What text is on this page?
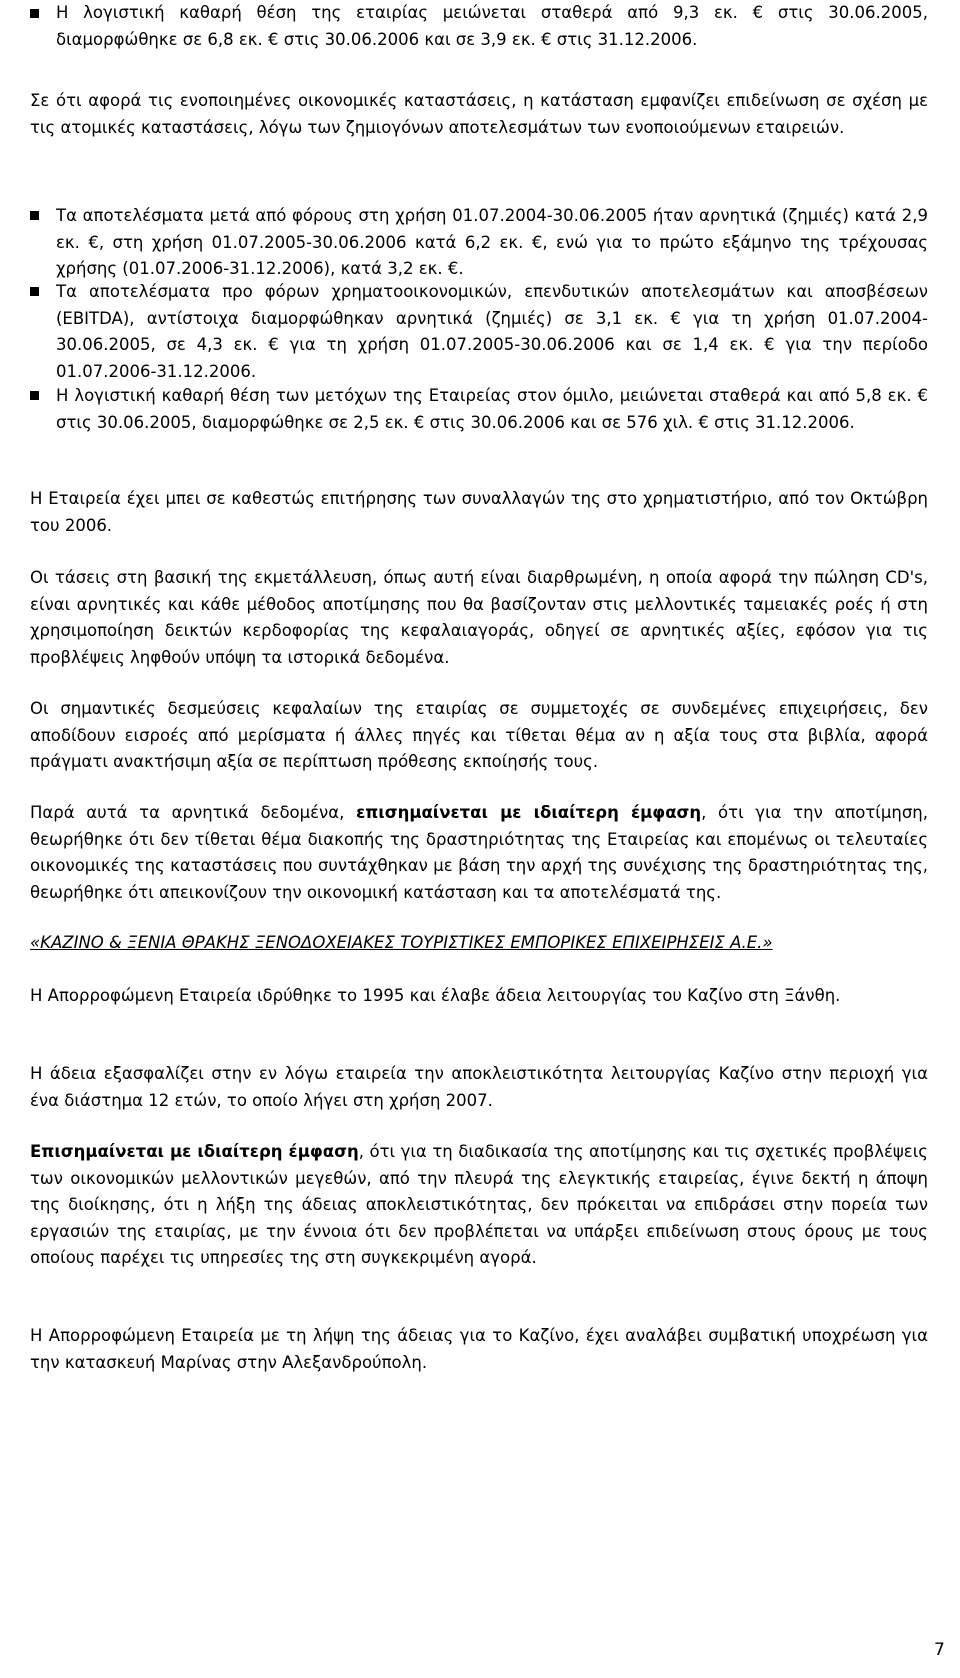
Η λογιστική καθαρή θέση της εταιρίας μειώνεται σταθερά από 9,3 εκ. € στις 30.06.2005, διαμορφώθηκε σε 6,8 εκ. € στις 30.06.2006 και σε 3,9 εκ. € στις 31.12.2006.

Σε ότι αφορά τις ενοποιημένες οικονομικές καταστάσεις, η κατάσταση εμφανίζει επιδείνωση σε σχέση με τις ατομικές καταστάσεις, λόγω των ζημιογόνων αποτελεσμάτων των ενοποιούμενων εταιρειών.

Τα αποτελέσματα μετά από φόρους στη χρήση 01.07.2004-30.06.2005 ήταν αρνητικά (ζημιές) κατά 2,9 εκ. €, στη χρήση 01.07.2005-30.06.2006 κατά 6,2 εκ. €, ενώ για το πρώτο εξάμηνο της τρέχουσας χρήσης (01.07.2006-31.12.2006), κατά 3,2 εκ. €.

Τα αποτελέσματα προ φόρων χρηματοοικονομικών, επενδυτικών αποτελεσμάτων και αποσβέσεων (EBITDA), αντίστοιχα διαμορφώθηκαν αρνητικά (ζημιές) σε 3,1 εκ. € για τη χρήση 01.07.2004-30.06.2005, σε 4,3 εκ. € για τη χρήση 01.07.2005-30.06.2006 και σε 1,4 εκ. € για την περίοδο 01.07.2006-31.12.2006.

Η λογιστική καθαρή θέση των μετόχων της Εταιρείας στον όμιλο, μειώνεται σταθερά και από 5,8 εκ. € στις 30.06.2005, διαμορφώθηκε σε 2,5 εκ. € στις 30.06.2006 και σε 576 χιλ. € στις 31.12.2006.

Η Εταιρεία έχει μπει σε καθεστώς επιτήρησης των συναλλαγών της στο χρηματιστήριο, από τον Οκτώβρη του 2006.

Οι τάσεις στη βασική της εκμετάλλευση, όπως αυτή είναι διαρθρωμένη, η οποία αφορά την πώληση CD's, είναι αρνητικές και κάθε μέθοδος αποτίμησης που θα βασίζονταν στις μελλοντικές ταμειακές ροές ή στη χρησιμοποίηση δεικτών κερδοφορίας της κεφαλαιαγοράς, οδηγεί σε αρνητικές αξίες, εφόσον για τις προβλέψεις ληφθούν υπόψη τα ιστορικά δεδομένα.

Οι σημαντικές δεσμεύσεις κεφαλαίων της εταιρίας σε συμμετοχές σε συνδεμένες επιχειρήσεις, δεν αποδίδουν εισροές από μερίσματα ή άλλες πηγές και τίθεται θέμα αν η αξία τους στα βιβλία, αφορά πράγματι ανακτήσιμη αξία σε περίπτωση πρόθεσης εκποίησής τους.

Παρά αυτά τα αρνητικά δεδομένα, επισημαίνεται με ιδιαίτερη έμφαση, ότι για την αποτίμηση, θεωρήθηκε ότι δεν τίθεται θέμα διακοπής της δραστηριότητας της Εταιρείας και επομένως οι τελευταίες οικονομικές της καταστάσεις που συντάχθηκαν με βάση την αρχή της συνέχισης της δραστηριότητας της, θεωρήθηκε ότι απεικονίζουν την οικονομική κατάσταση και τα αποτελέσματά της.

«ΚΑΖΙΝΟ & ΞΕΝΙΑ ΘΡΑΚΗΣ ΞΕΝΟΔΟΧΕΙΑΚΕΣ ΤΟΥΡΙΣΤΙΚΕΣ ΕΜΠΟΡΙΚΕΣ ΕΠΙΧΕΙΡΗΣΕΙΣ Α.Ε.»

Η Απορροφώμενη Εταιρεία ιδρύθηκε το 1995 και έλαβε άδεια λειτουργίας του Καζίνο στη Ξάνθη.

Η άδεια εξασφαλίζει στην εν λόγω εταιρεία την αποκλειστικότητα λειτουργίας Καζίνο στην περιοχή για ένα διάστημα 12 ετών, το οποίο λήγει στη χρήση 2007.

Επισημαίνεται με ιδιαίτερη έμφαση, ότι για τη διαδικασία της αποτίμησης και τις σχετικές προβλέψεις των οικονομικών μελλοντικών μεγεθών, από την πλευρά της ελεγκτικής εταιρείας, έγινε δεκτή η άποψη της διοίκησης, ότι η λήξη της άδειας αποκλειστικότητας, δεν πρόκειται να επιδράσει στην πορεία των εργασιών της εταιρίας, με την έννοια ότι δεν προβλέπεται να υπάρξει επιδείνωση στους όρους με τους οποίους παρέχει τις υπηρεσίες της στη συγκεκριμένη αγορά.

Η Απορροφώμενη Εταιρεία με τη λήψη της άδειας για το Καζίνο, έχει αναλάβει συμβατική υποχρέωση για την κατασκευή Μαρίνας στην Αλεξανδρούπολη.

7
